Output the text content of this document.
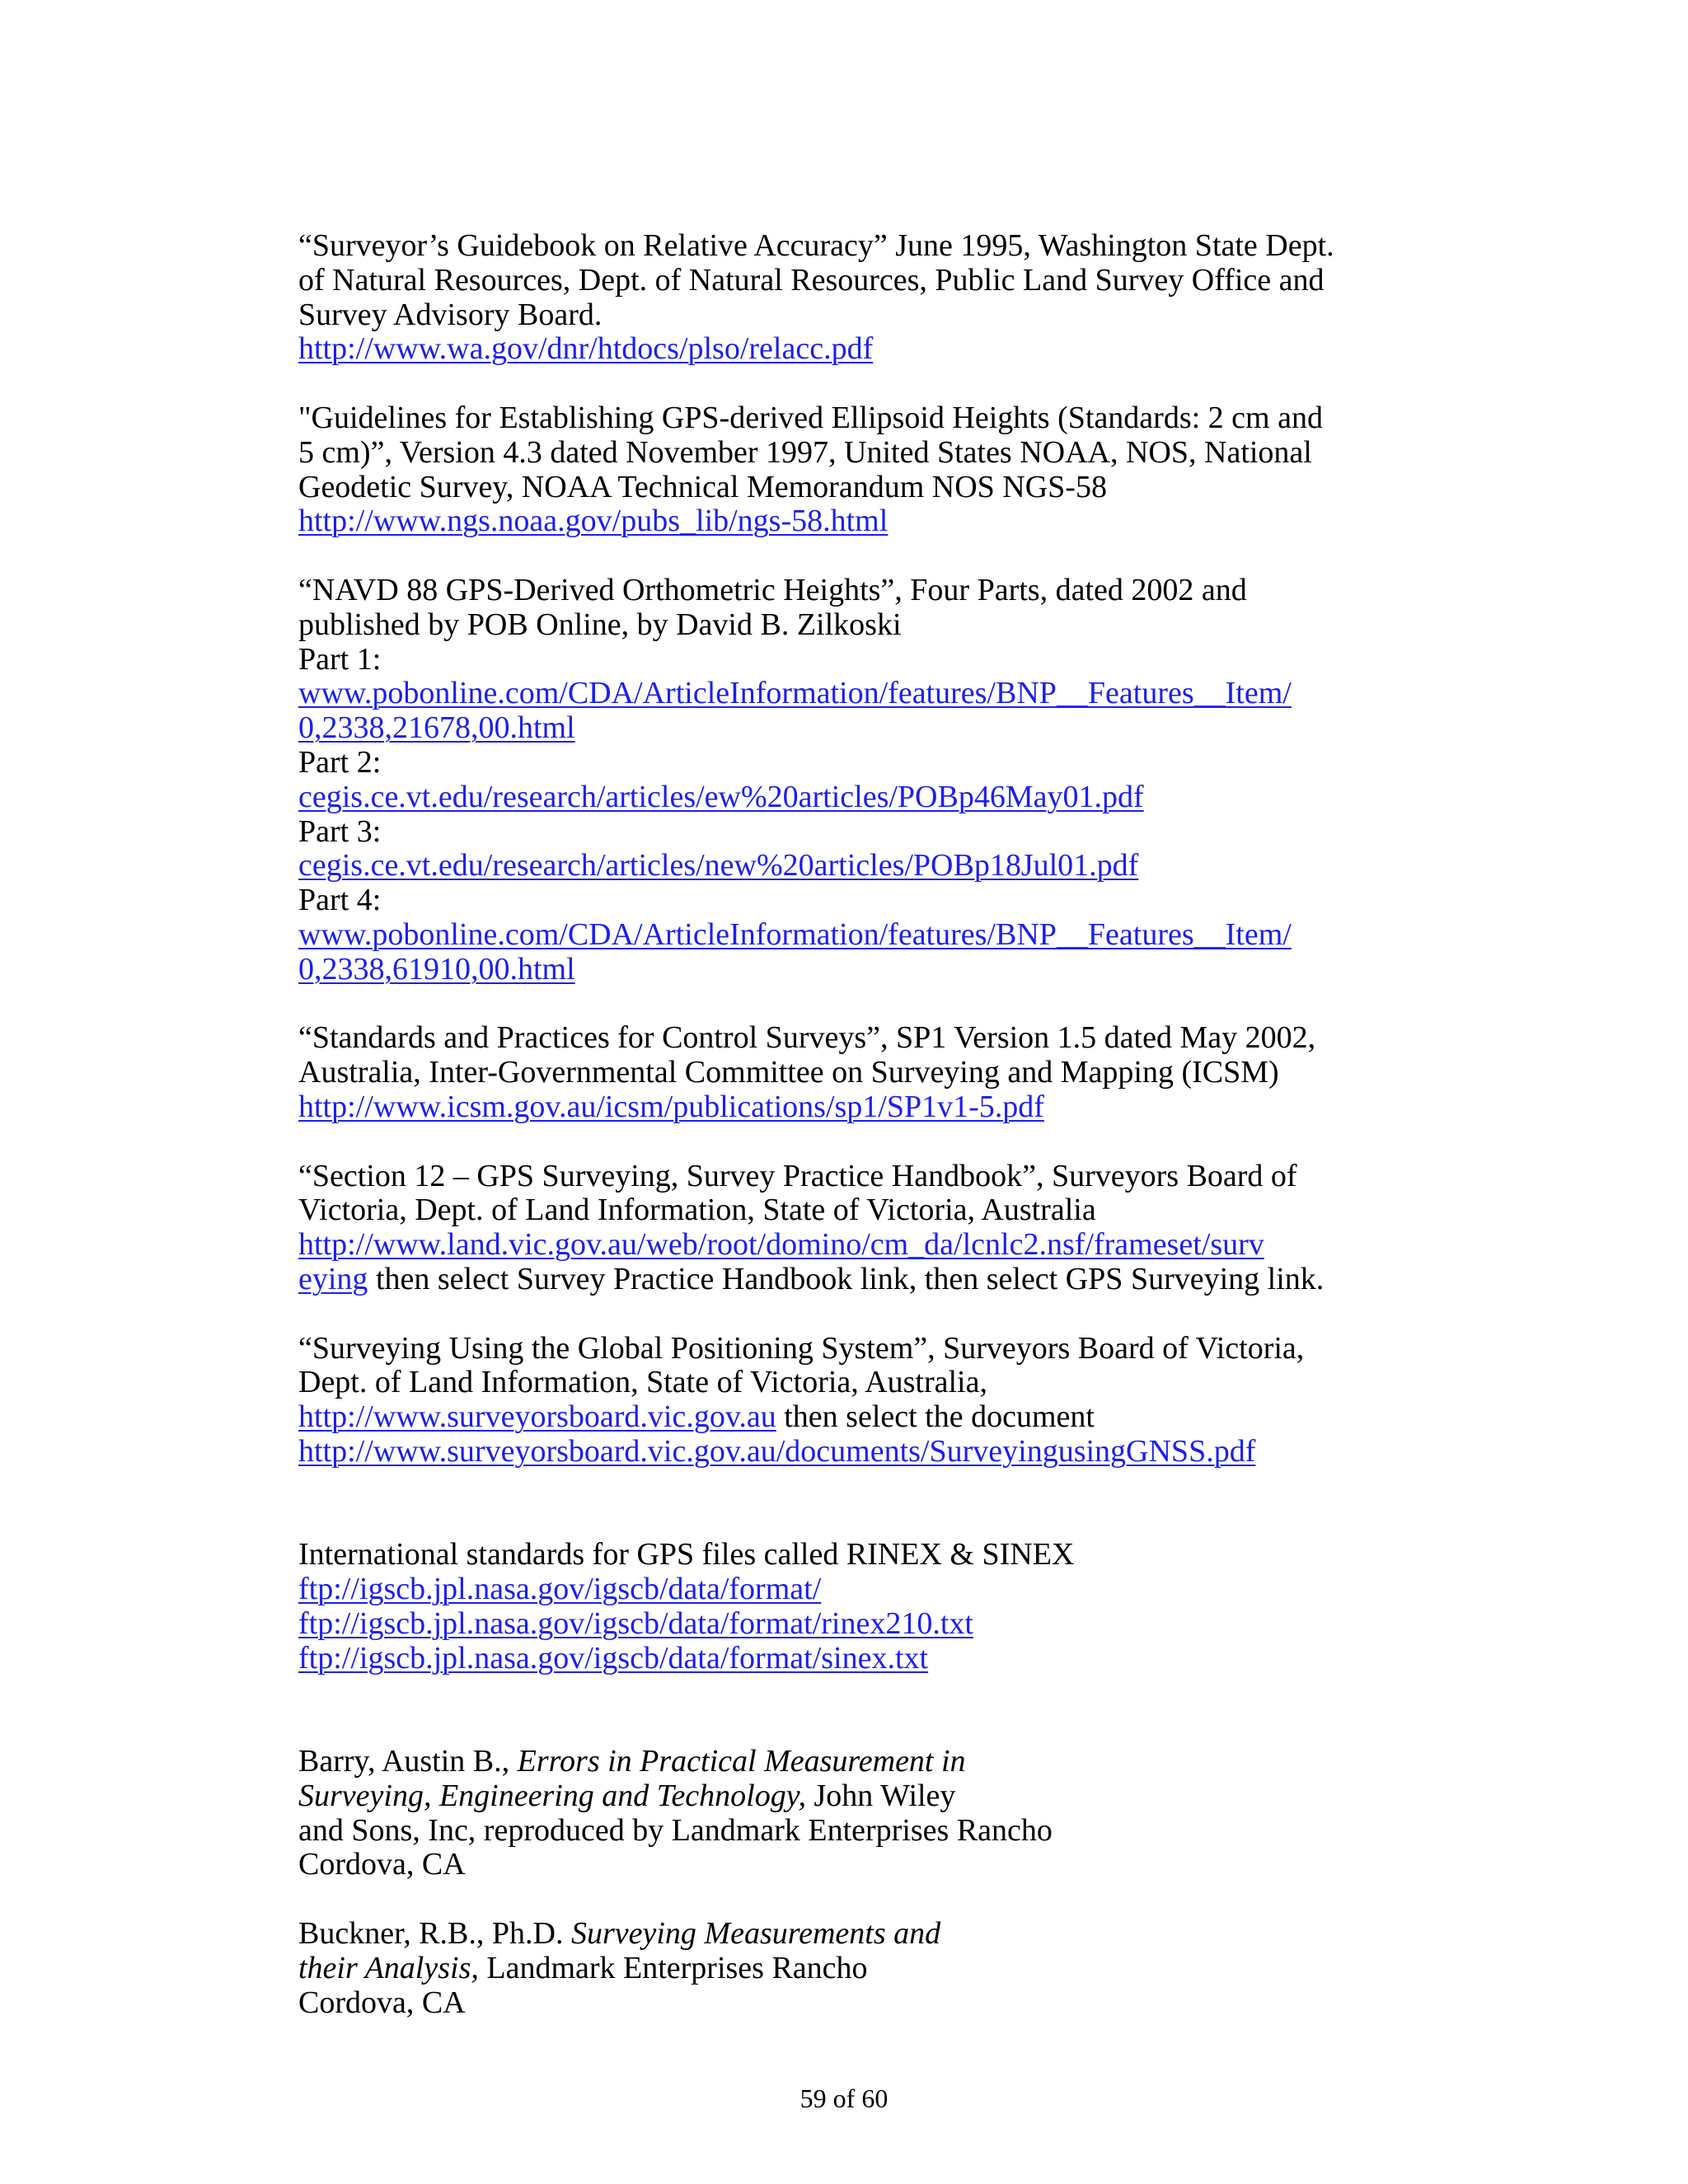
“Surveyor’s Guidebook on Relative Accuracy” June 1995, Washington State Dept.
of Natural Resources, Dept. of Natural Resources, Public Land Survey Office and
Survey Advisory Board.
http://www.wa.gov/dnr/htdocs/plso/relacc.pdf
"Guidelines for Establishing GPS-derived Ellipsoid Heights (Standards: 2 cm and
5 cm)”, Version 4.3 dated November 1997, United States NOAA, NOS, National
Geodetic Survey, NOAA Technical Memorandum NOS NGS-58
http://www.ngs.noaa.gov/pubs_lib/ngs-58.html
“NAVD 88 GPS-Derived Orthometric Heights”, Four Parts, dated 2002 and
published by POB Online, by David B. Zilkoski
Part 1:
www.pobonline.com/CDA/ArticleInformation/features/BNP__Features__Item/
0,2338,21678,00.html
Part 2:
cegis.ce.vt.edu/research/articles/ew%20articles/POBp46May01.pdf
Part 3:
cegis.ce.vt.edu/research/articles/new%20articles/POBp18Jul01.pdf
Part 4:
www.pobonline.com/CDA/ArticleInformation/features/BNP__Features__Item/
0,2338,61910,00.html
“Standards and Practices for Control Surveys”, SP1 Version 1.5 dated May 2002,
Australia, Inter-Governmental Committee on Surveying and Mapping (ICSM)
http://www.icsm.gov.au/icsm/publications/sp1/SP1v1-5.pdf
“Section 12 – GPS Surveying, Survey Practice Handbook”, Surveyors Board of
Victoria, Dept. of Land Information, State of Victoria, Australia
http://www.land.vic.gov.au/web/root/domino/cm_da/lcnlc2.nsf/frameset/surv
eying then select Survey Practice Handbook link, then select GPS Surveying link.
“Surveying Using the Global Positioning System”, Surveyors Board of Victoria,
Dept. of Land Information, State of Victoria, Australia,
http://www.surveyorsboard.vic.gov.au then select the document
http://www.surveyorsboard.vic.gov.au/documents/SurveyingusingGNSS.pdf
International standards for GPS files called RINEX & SINEX
ftp://igscb.jpl.nasa.gov/igscb/data/format/
ftp://igscb.jpl.nasa.gov/igscb/data/format/rinex210.txt
ftp://igscb.jpl.nasa.gov/igscb/data/format/sinex.txt
Barry, Austin B., Errors in Practical Measurement in
Surveying, Engineering and Technology, John Wiley
and Sons, Inc, reproduced by Landmark Enterprises Rancho
Cordova, CA
Buckner, R.B., Ph.D. Surveying Measurements and
their Analysis, Landmark Enterprises Rancho
Cordova, CA
59 of 60
